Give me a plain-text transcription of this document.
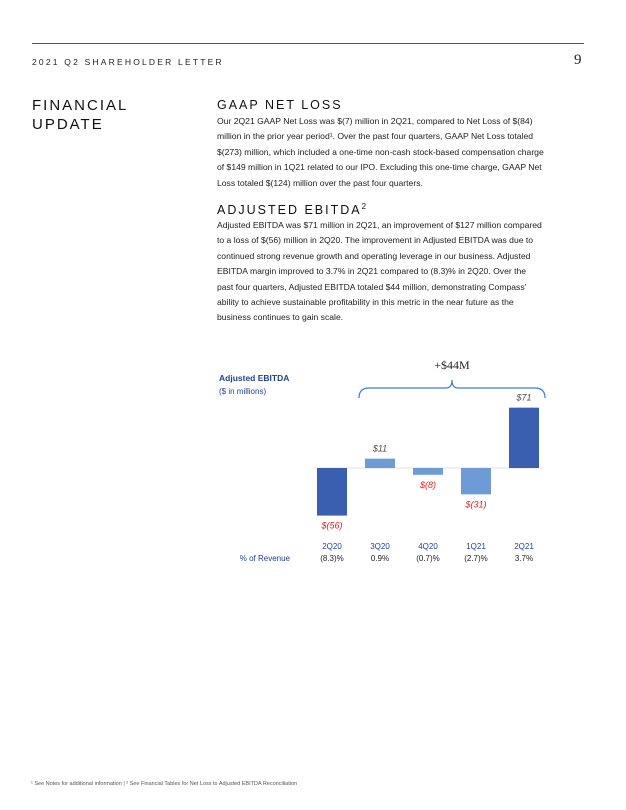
2021 Q2 SHAREHOLDER LETTER	9
FINANCIAL
UPDATE
GAAP NET LOSS
Our 2Q21 GAAP Net Loss was $(7) million in 2Q21, compared to Net Loss of $(84)
million in the prior year period¹. Over the past four quarters, GAAP Net Loss totaled
$(273) million, which included a one-time non-cash stock-based compensation charge
of $149 million in 1Q21 related to our IPO. Excluding this one-time charge, GAAP Net
Loss totaled $(124) million over the past four quarters.
ADJUSTED EBITDA$^2$
Adjusted EBITDA was $71 million in 2Q21, an improvement of $127 million compared
to a loss of $(56) million in 2Q20. The improvement in Adjusted EBITDA was due to
continued strong revenue growth and operating leverage in our business. Adjusted
EBITDA margin improved to 3.7% in 2Q21 compared to (8.3)% in 2Q20. Over the
past four quarters, Adjusted EBITDA totaled $44 million, demonstrating Compass'
ability to achieve sustainable profitability in this metric in the near future as the
business continues to gain scale.
Adjusted EBITDA
($ in millions)
% of Revenue
+$44M
$(56)
2Q20
(8.3)%
$11
3Q20
0.9%
$(8)
4Q20
(0.7)%
$(31)
1Q21
(2.7)%
$71
2Q21
3.7%
¹ See Notes for additional information | ² See Financial Tables for Net Loss to Adjusted EBITDA Reconciliation
